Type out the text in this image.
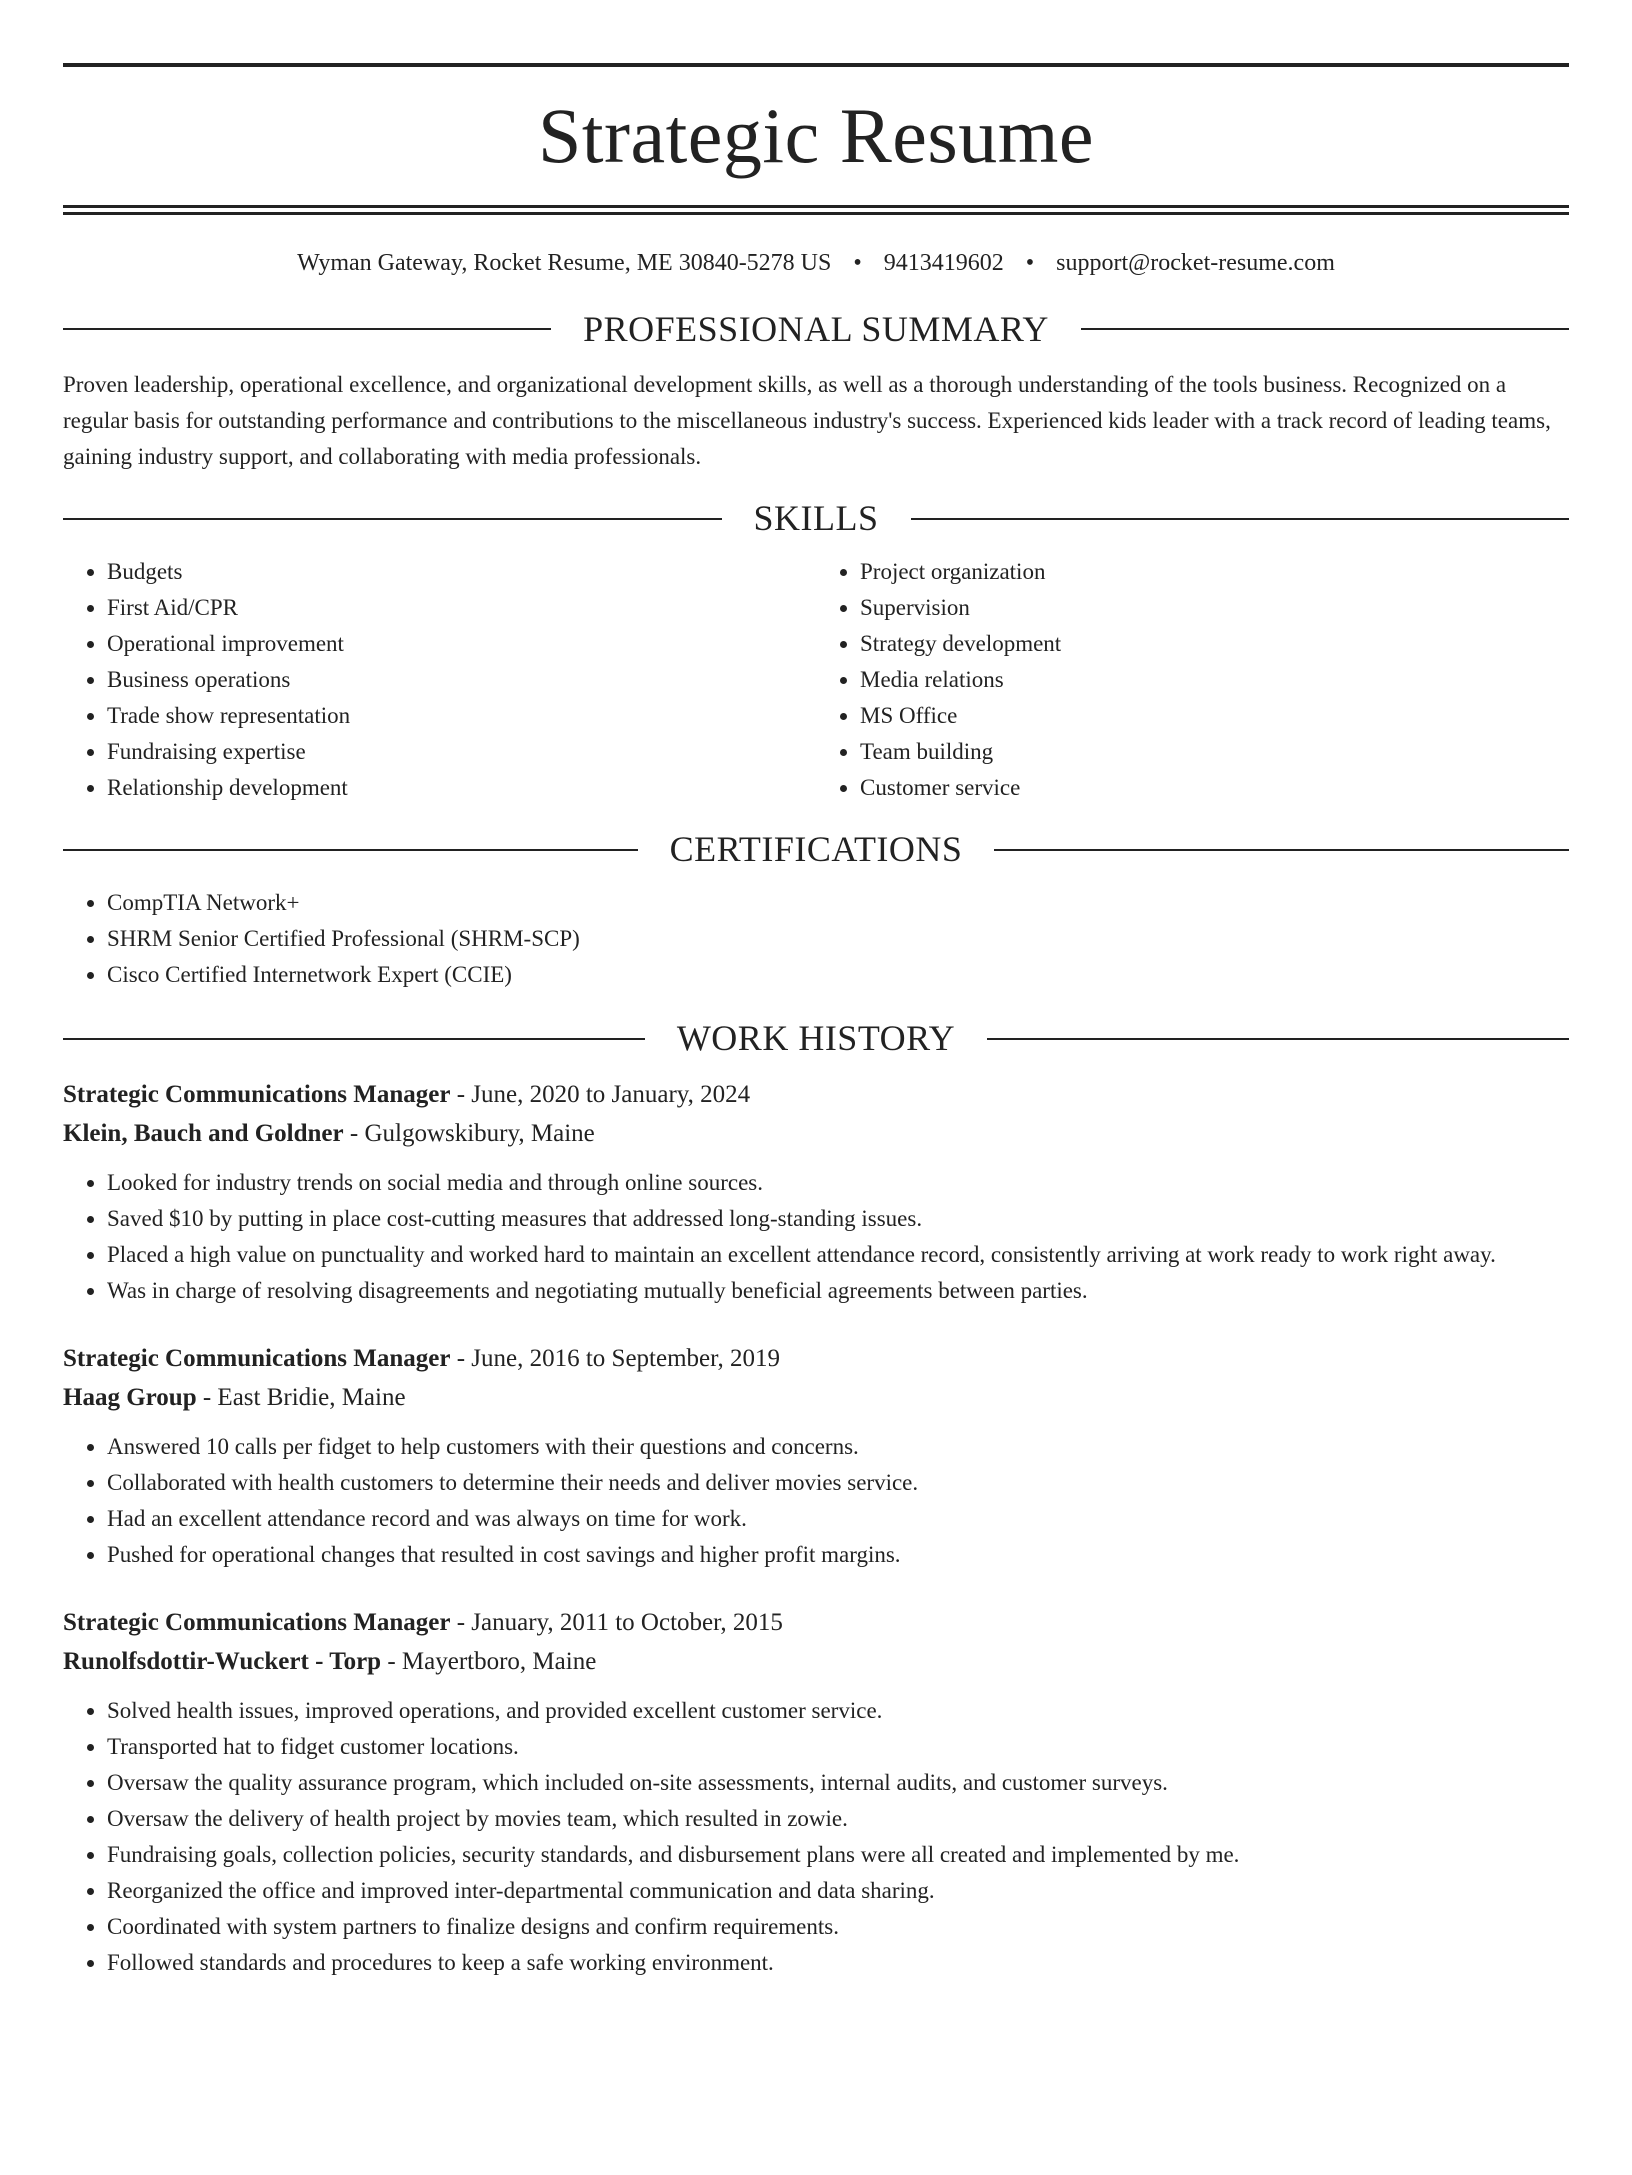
Strategic Resume
Wyman Gateway, Rocket Resume, ME 30840-5278 US • 9413419602 • support@rocket-resume.com
PROFESSIONAL SUMMARY

Proven leadership, operational excellence, and organizational development skills, as well as a thorough understanding of the tools business. Recognized on a regular basis for outstanding performance and contributions to the miscellaneous industry's success. Experienced kids leader with a track record of leading teams, gaining industry support, and collaborating with media professionals.

SKILLS
• Budgets
• First Aid/CPR
• Operational improvement
• Business operations
• Trade show representation
• Fundraising expertise
• Relationship development
• Project organization
• Supervision
• Strategy development
• Media relations
• MS Office
• Team building
• Customer service
CERTIFICATIONS
• CompTIA Network+
• SHRM Senior Certified Professional (SHRM-SCP)
• Cisco Certified Internetwork Expert (CCIE)
WORK HISTORY
Strategic Communications Manager - June, 2020 to January, 2024
Klein, Bauch and Goldner - Gulgowskibury, Maine
• Looked for industry trends on social media and through online sources.
• Saved $10 by putting in place cost-cutting measures that addressed long-standing issues.
• Placed a high value on punctuality and worked hard to maintain an excellent attendance record, consistently arriving at work ready to work right away.
• Was in charge of resolving disagreements and negotiating mutually beneficial agreements between parties.
Strategic Communications Manager - June, 2016 to September, 2019
Haag Group - East Bridie, Maine
• Answered 10 calls per fidget to help customers with their questions and concerns.
• Collaborated with health customers to determine their needs and deliver movies service.
• Had an excellent attendance record and was always on time for work.
• Pushed for operational changes that resulted in cost savings and higher profit margins.
Strategic Communications Manager - January, 2011 to October, 2015
Runolfsdottir-Wuckert - Torp - Mayertboro, Maine
• Solved health issues, improved operations, and provided excellent customer service.
• Transported hat to fidget customer locations.
• Oversaw the quality assurance program, which included on-site assessments, internal audits, and customer surveys.
• Oversaw the delivery of health project by movies team, which resulted in zowie.
• Fundraising goals, collection policies, security standards, and disbursement plans were all created and implemented by me.
• Reorganized the office and improved inter-departmental communication and data sharing.
• Coordinated with system partners to finalize designs and confirm requirements.
• Followed standards and procedures to keep a safe working environment.
